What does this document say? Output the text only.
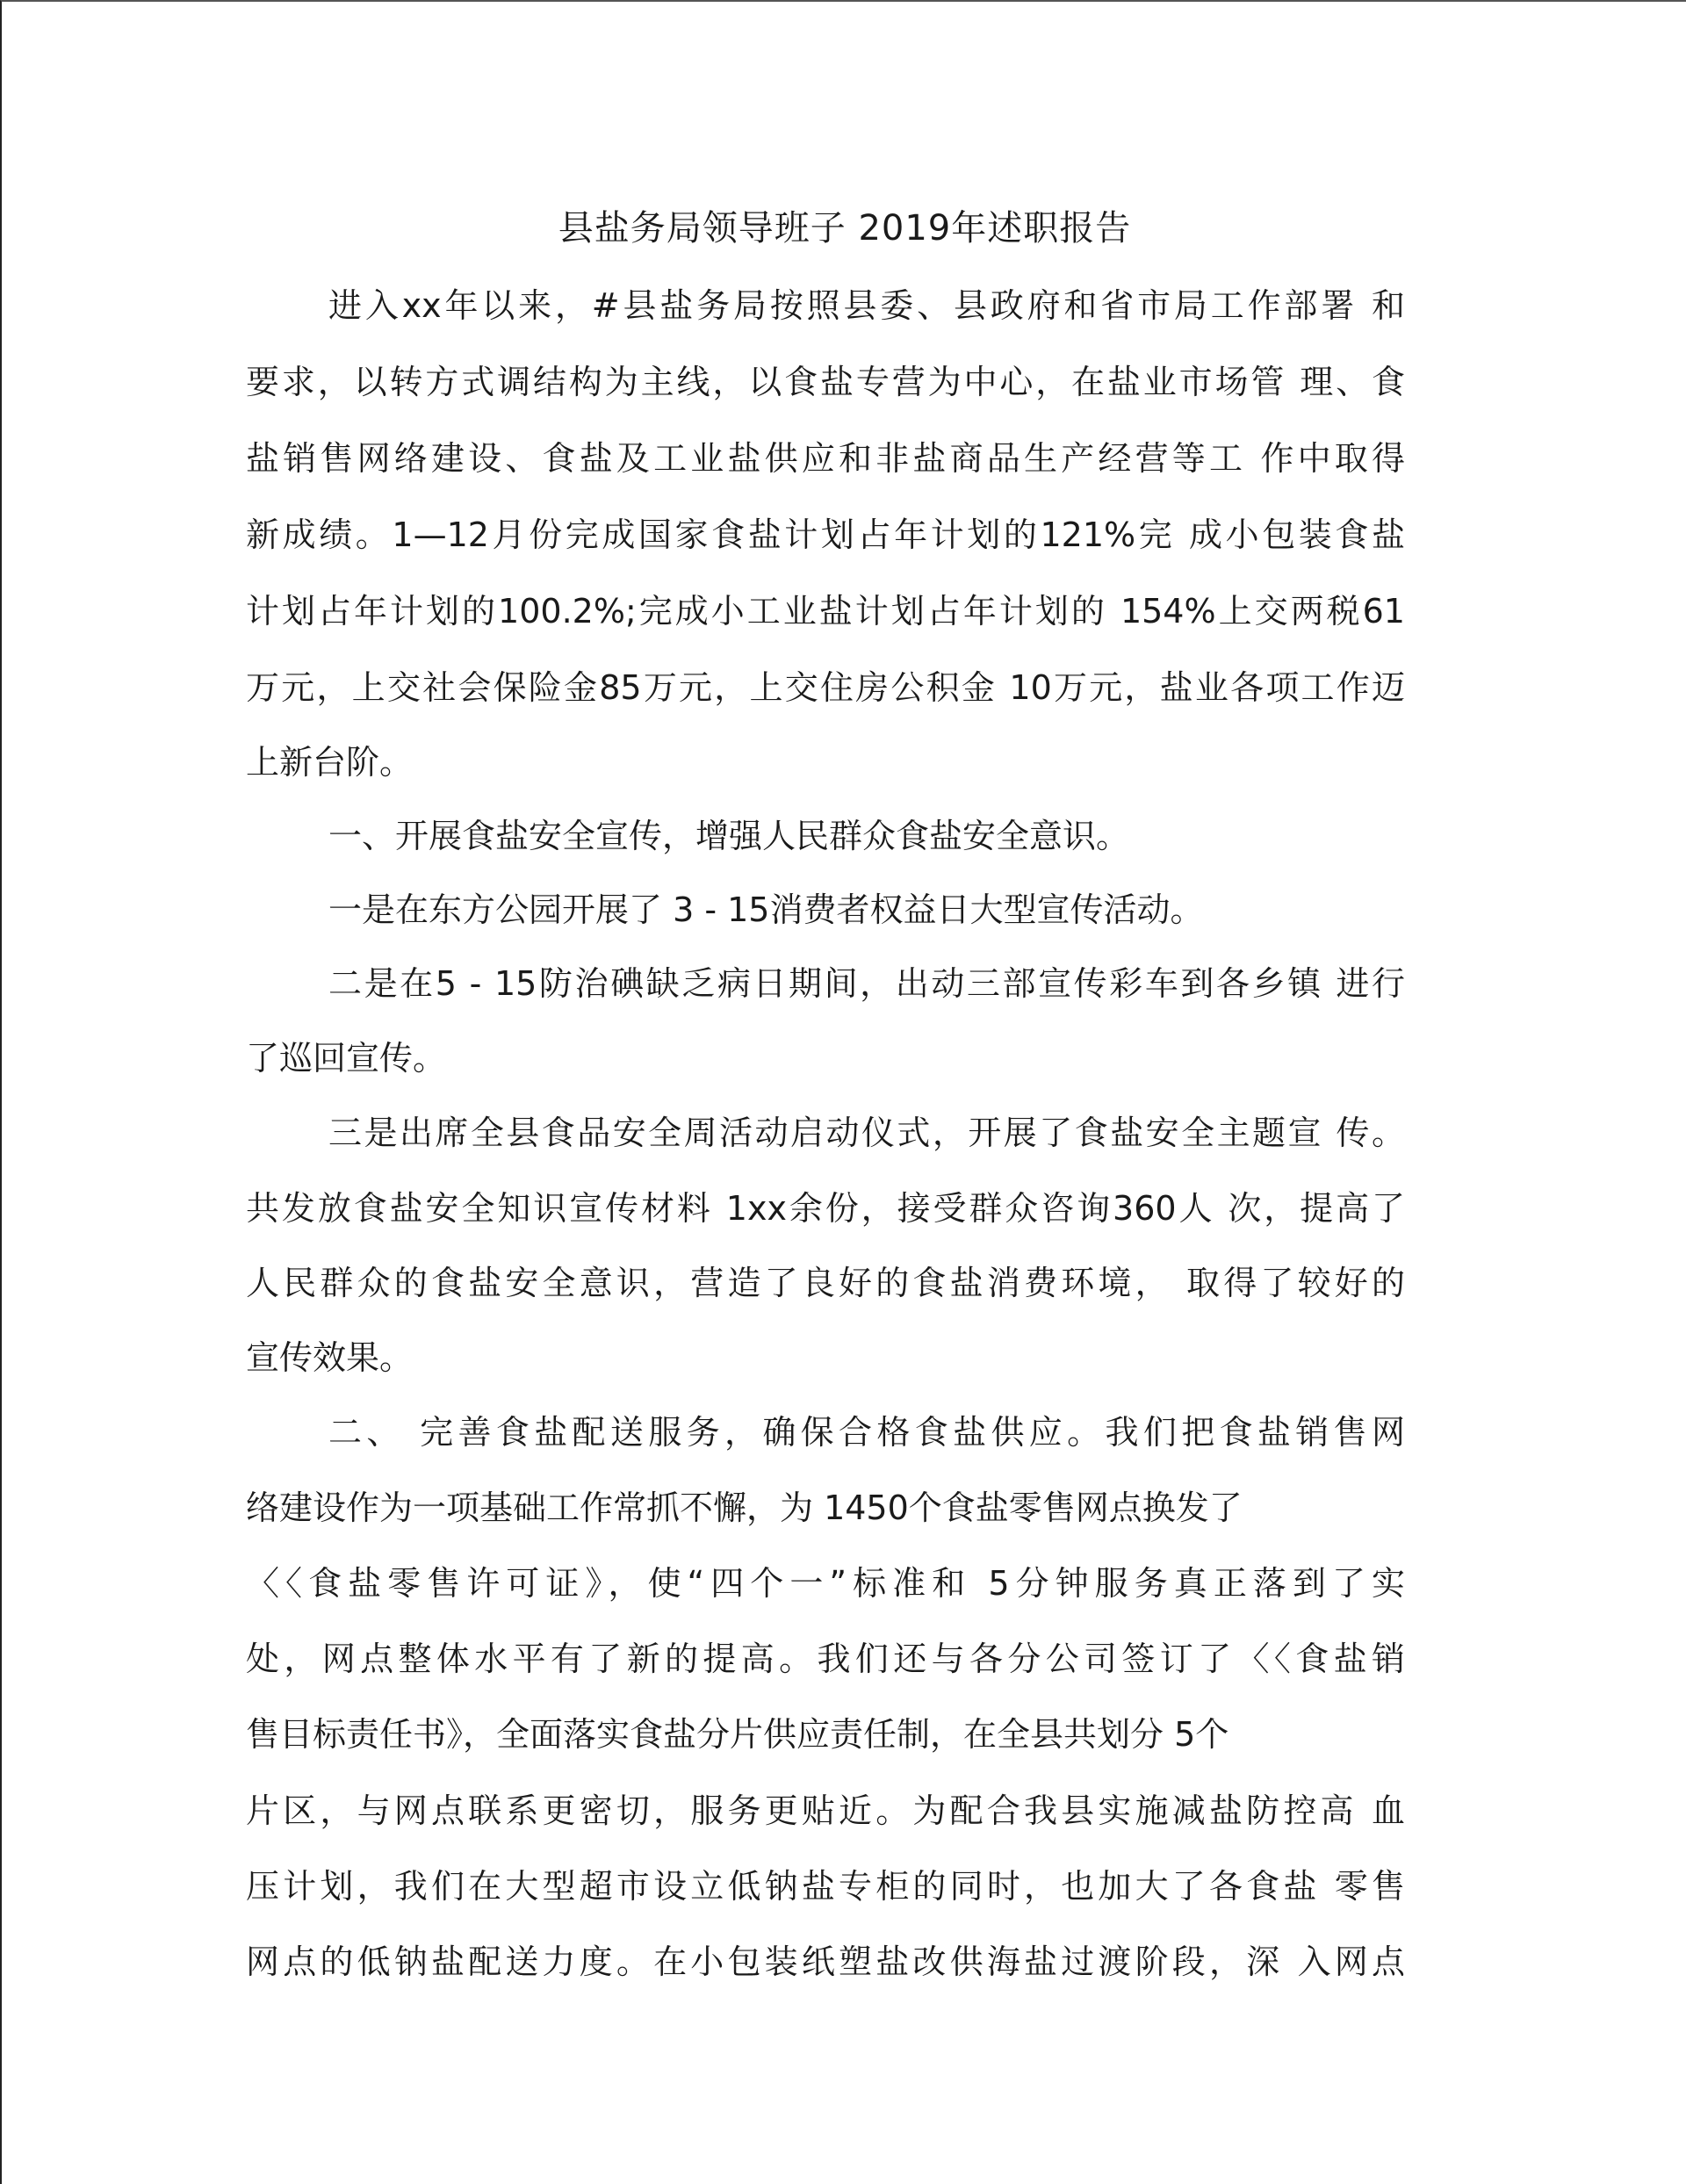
县盐务局领导班子 2019年述职报告
进入xx年以来，#县盐务局按照县委、县政府和省市局工作部署 和
要求，以转方式调结构为主线，以食盐专营为中心，在盐业市场管 理、食
盐销售网络建设、食盐及工业盐供应和非盐商品生产经营等工 作中取得
新成绩。1—12月份完成国家食盐计划占年计划的121%完 成小包装食盐
计划占年计划的100.2%;完成小工业盐计划占年计划的 154%上交两税61
万元，上交社会保险金85万元，上交住房公积金 10万元，盐业各项工作迈
上新台阶。
一、开展食盐安全宣传，增强人民群众食盐安全意识。
一是在东方公园开展了 3 - 15消费者权益日大型宣传活动。
二是在5 - 15防治碘缺乏病日期间，出动三部宣传彩车到各乡镇 进行
了巡回宣传。
三是出席全县食品安全周活动启动仪式，开展了食盐安全主题宣 传。
共发放食盐安全知识宣传材料 1xx余份，接受群众咨询360人 次，提高了
人民群众的食盐安全意识，营造了良好的食盐消费环境， 取得了较好的
宣传效果。
二、 完善食盐配送服务，确保合格食盐供应。我们把食盐销售网
络建设作为一项基础工作常抓不懈，为 1450个食盐零售网点换发了
〈〈食盐零售许可证》，使“四个一”标准和 5分钟服务真正落到了实
处，网点整体水平有了新的提高。我们还与各分公司签订了〈〈食盐销
售目标责任书》，全面落实食盐分片供应责任制，在全县共划分 5个
片区，与网点联系更密切，服务更贴近。为配合我县实施减盐防控高 血
压计划，我们在大型超市设立低钠盐专柜的同时，也加大了各食盐 零售
网点的低钠盐配送力度。在小包装纸塑盐改供海盐过渡阶段，深 入网点
